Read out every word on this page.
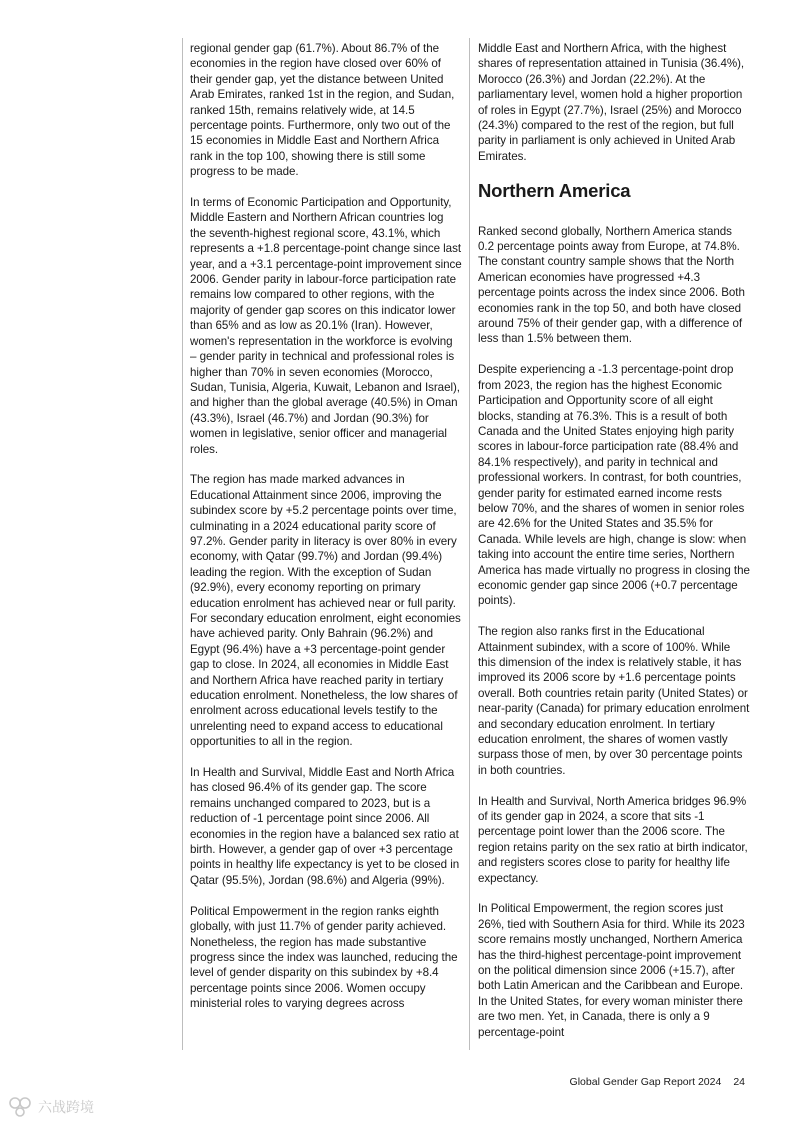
regional gender gap (61.7%). About 86.7% of the economies in the region have closed over 60% of their gender gap, yet the distance between United Arab Emirates, ranked 1st in the region, and Sudan, ranked 15th, remains relatively wide, at 14.5 percentage points. Furthermore, only two out of the 15 economies in Middle East and Northern Africa rank in the top 100, showing there is still some progress to be made.

In terms of Economic Participation and Opportunity, Middle Eastern and Northern African countries log the seventh-highest regional score, 43.1%, which represents a +1.8 percentage-point change since last year, and a +3.1 percentage-point improvement since 2006. Gender parity in labour-force participation rate remains low compared to other regions, with the majority of gender gap scores on this indicator lower than 65% and as low as 20.1% (Iran). However, women's representation in the workforce is evolving – gender parity in technical and professional roles is higher than 70% in seven economies (Morocco, Sudan, Tunisia, Algeria, Kuwait, Lebanon and Israel), and higher than the global average (40.5%) in Oman (43.3%), Israel (46.7%) and Jordan (90.3%) for women in legislative, senior officer and managerial roles.

The region has made marked advances in Educational Attainment since 2006, improving the subindex score by +5.2 percentage points over time, culminating in a 2024 educational parity score of 97.2%. Gender parity in literacy is over 80% in every economy, with Qatar (99.7%) and Jordan (99.4%) leading the region. With the exception of Sudan (92.9%), every economy reporting on primary education enrolment has achieved near or full parity. For secondary education enrolment, eight economies have achieved parity. Only Bahrain (96.2%) and Egypt (96.4%) have a +3 percentage-point gender gap to close. In 2024, all economies in Middle East and Northern Africa have reached parity in tertiary education enrolment. Nonetheless, the low shares of enrolment across educational levels testify to the unrelenting need to expand access to educational opportunities to all in the region.

In Health and Survival, Middle East and North Africa has closed 96.4% of its gender gap. The score remains unchanged compared to 2023, but is a reduction of -1 percentage point since 2006. All economies in the region have a balanced sex ratio at birth. However, a gender gap of over +3 percentage points in healthy life expectancy is yet to be closed in Qatar (95.5%), Jordan (98.6%) and Algeria (99%).

Political Empowerment in the region ranks eighth globally, with just 11.7% of gender parity achieved. Nonetheless, the region has made substantive progress since the index was launched, reducing the level of gender disparity on this subindex by +8.4 percentage points since 2006. Women occupy ministerial roles to varying degrees across

Middle East and Northern Africa, with the highest shares of representation attained in Tunisia (36.4%), Morocco (26.3%) and Jordan (22.2%). At the parliamentary level, women hold a higher proportion of roles in Egypt (27.7%), Israel (25%) and Morocco (24.3%) compared to the rest of the region, but full parity in parliament is only achieved in United Arab Emirates.

Northern America

Ranked second globally, Northern America stands 0.2 percentage points away from Europe, at 74.8%. The constant country sample shows that the North American economies have progressed +4.3 percentage points across the index since 2006. Both economies rank in the top 50, and both have closed around 75% of their gender gap, with a difference of less than 1.5% between them.

Despite experiencing a -1.3 percentage-point drop from 2023, the region has the highest Economic Participation and Opportunity score of all eight blocks, standing at 76.3%. This is a result of both Canada and the United States enjoying high parity scores in labour-force participation rate (88.4% and 84.1% respectively), and parity in technical and professional workers. In contrast, for both countries, gender parity for estimated earned income rests below 70%, and the shares of women in senior roles are 42.6% for the United States and 35.5% for Canada. While levels are high, change is slow: when taking into account the entire time series, Northern America has made virtually no progress in closing the economic gender gap since 2006 (+0.7 percentage points).

The region also ranks first in the Educational Attainment subindex, with a score of 100%. While this dimension of the index is relatively stable, it has improved its 2006 score by +1.6 percentage points overall. Both countries retain parity (United States) or near-parity (Canada) for primary education enrolment and secondary education enrolment. In tertiary education enrolment, the shares of women vastly surpass those of men, by over 30 percentage points in both countries.

In Health and Survival, North America bridges 96.9% of its gender gap in 2024, a score that sits -1 percentage point lower than the 2006 score. The region retains parity on the sex ratio at birth indicator, and registers scores close to parity for healthy life expectancy.

In Political Empowerment, the region scores just 26%, tied with Southern Asia for third. While its 2023 score remains mostly unchanged, Northern America has the third-highest percentage-point improvement on the political dimension since 2006 (+15.7), after both Latin American and the Caribbean and Europe. In the United States, for every woman minister there are two men. Yet, in Canada, there is only a 9 percentage-point

Global Gender Gap Report 2024 24
六战跨境
